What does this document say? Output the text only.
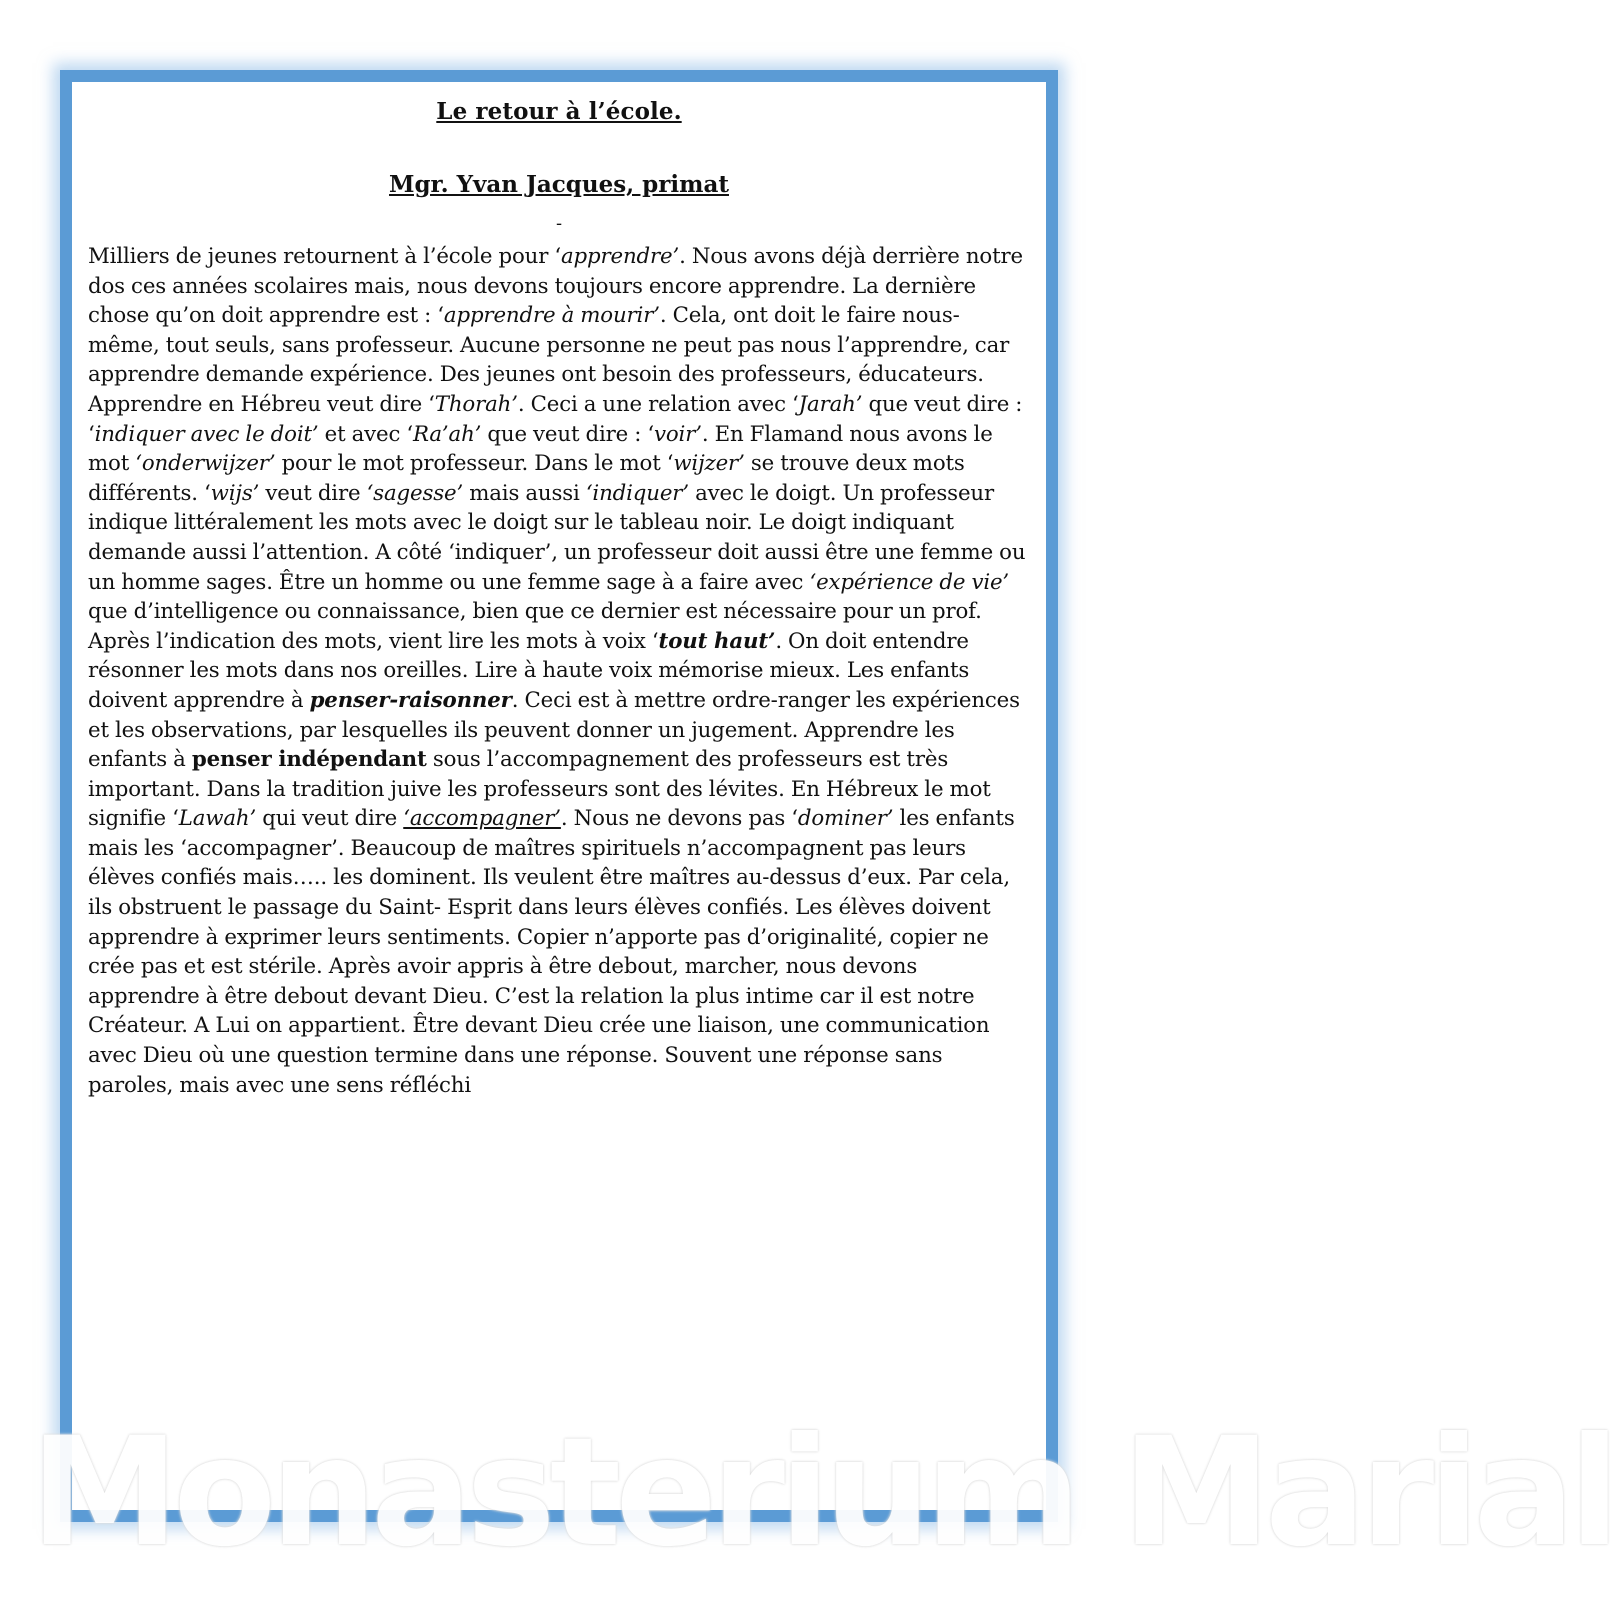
Le retour à l’école.
Mgr. Yvan Jacques, primat
-
Milliers de jeunes retournent à l’école pour ‘apprendre’. Nous avons déjà derrière notre dos ces années scolaires mais, nous devons toujours encore apprendre. La dernière chose qu’on doit apprendre est : ‘apprendre à mourir’. Cela, ont doit le faire nous-même, tout seuls, sans professeur. Aucune personne ne peut pas nous l’apprendre, car apprendre demande expérience. Des jeunes ont besoin des professeurs, éducateurs. Apprendre en Hébreu veut dire ‘Thorah’. Ceci a une relation avec ‘Jarah’ que veut dire : ‘indiquer avec le doit’ et avec ‘Ra’ah’ que veut dire : ‘voir’. En Flamand nous avons le mot ‘onderwijzer’ pour le mot professeur. Dans le mot ‘wijzer’ se trouve deux mots différents. ‘wijs’ veut dire ‘sagesse’ mais aussi ‘indiquer’ avec le doigt. Un professeur indique littéralement les mots avec le doigt sur le tableau noir. Le doigt indiquant demande aussi l’attention. A côté ‘indiquer’, un professeur doit aussi être une femme ou un homme sages. Être un homme ou une femme sage à a faire avec ‘expérience de vie’ que d’intelligence ou connaissance, bien que ce dernier est nécessaire pour un prof. Après l’indication des mots, vient lire les mots à voix ‘tout haut’. On doit entendre résonner les mots dans nos oreilles. Lire à haute voix mémorise mieux. Les enfants doivent apprendre à penser-raisonner. Ceci est à mettre ordre-ranger les expériences et les observations, par lesquelles ils peuvent donner un jugement. Apprendre les enfants à penser indépendant sous l’accompagnement des professeurs est très important. Dans la tradition juive les professeurs sont des lévites. En Hébreux le mot signifie ‘Lawah’ qui veut dire ‘accompagner’. Nous ne devons pas ‘dominer’ les enfants mais les ‘accompagner’. Beaucoup de maîtres spirituels n’accompagnent pas leurs élèves confiés mais….. les dominent. Ils veulent être maîtres au-dessus d’eux. Par cela, ils obstruent le passage du Saint- Esprit dans leurs élèves confiés. Les élèves doivent apprendre à exprimer leurs sentiments. Copier n’apporte pas d’originalité, copier ne crée pas et est stérile. Après avoir appris à être debout, marcher, nous devons apprendre à être debout devant Dieu. C’est la relation la plus intime car il est notre Créateur. A Lui on appartient. Être devant Dieu crée une liaison, une communication avec Dieu où une question termine dans une réponse. Souvent une réponse sans paroles, mais avec une sens réfléchi
Monasterium Marial
